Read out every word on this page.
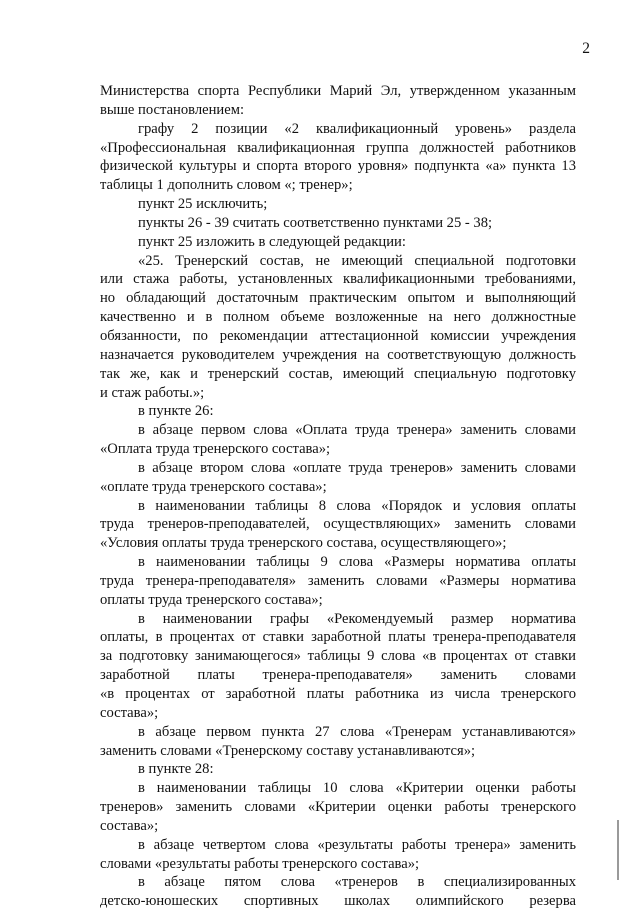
2
Министерства спорта Республики Марий Эл, утвержденном указанным
выше постановлением:
графу 2 позиции «2 квалификационный уровень» раздела
«Профессиональная квалификационная группа должностей работников
физической культуры и спорта второго уровня» подпункта «а» пункта 13
таблицы 1 дополнить словом «; тренер»;
пункт 25 исключить;
пункты 26 - 39 считать соответственно пунктами 25 - 38;
пункт 25 изложить в следующей редакции:
«25. Тренерский состав, не имеющий специальной подготовки
или стажа работы, установленных квалификационными требованиями,
но обладающий достаточным практическим опытом и выполняющий
качественно и в полном объеме возложенные на него должностные
обязанности, по рекомендации аттестационной комиссии учреждения
назначается руководителем учреждения на соответствующую должность
так же, как и тренерский состав, имеющий специальную подготовку
и стаж работы.»;
в пункте 26:
в абзаце первом слова «Оплата труда тренера» заменить словами
«Оплата труда тренерского состава»;
в абзаце втором слова «оплате труда тренеров» заменить словами
«оплате труда тренерского состава»;
в наименовании таблицы 8 слова «Порядок и условия оплаты
труда тренеров-преподавателей, осуществляющих» заменить словами
«Условия оплаты труда тренерского состава, осуществляющего»;
в наименовании таблицы 9 слова «Размеры норматива оплаты
труда тренера-преподавателя» заменить словами «Размеры норматива
оплаты труда тренерского состава»;
в наименовании графы «Рекомендуемый размер норматива
оплаты, в процентах от ставки заработной платы тренера-преподавателя
за подготовку занимающегося» таблицы 9 слова «в процентах от ставки
заработной платы тренера-преподавателя» заменить словами
«в процентах от заработной платы работника из числа тренерского
состава»;
в абзаце первом пункта 27 слова «Тренерам устанавливаются»
заменить словами «Тренерскому составу устанавливаются»;
в пункте 28:
в наименовании таблицы 10 слова «Критерии оценки работы
тренеров» заменить словами «Критерии оценки работы тренерского
состава»;
в абзаце четвертом слова «результаты работы тренера» заменить
словами «результаты работы тренерского состава»;
в абзаце пятом слова «тренеров в специализированных
детско-юношеских спортивных школах олимпийского резерва
